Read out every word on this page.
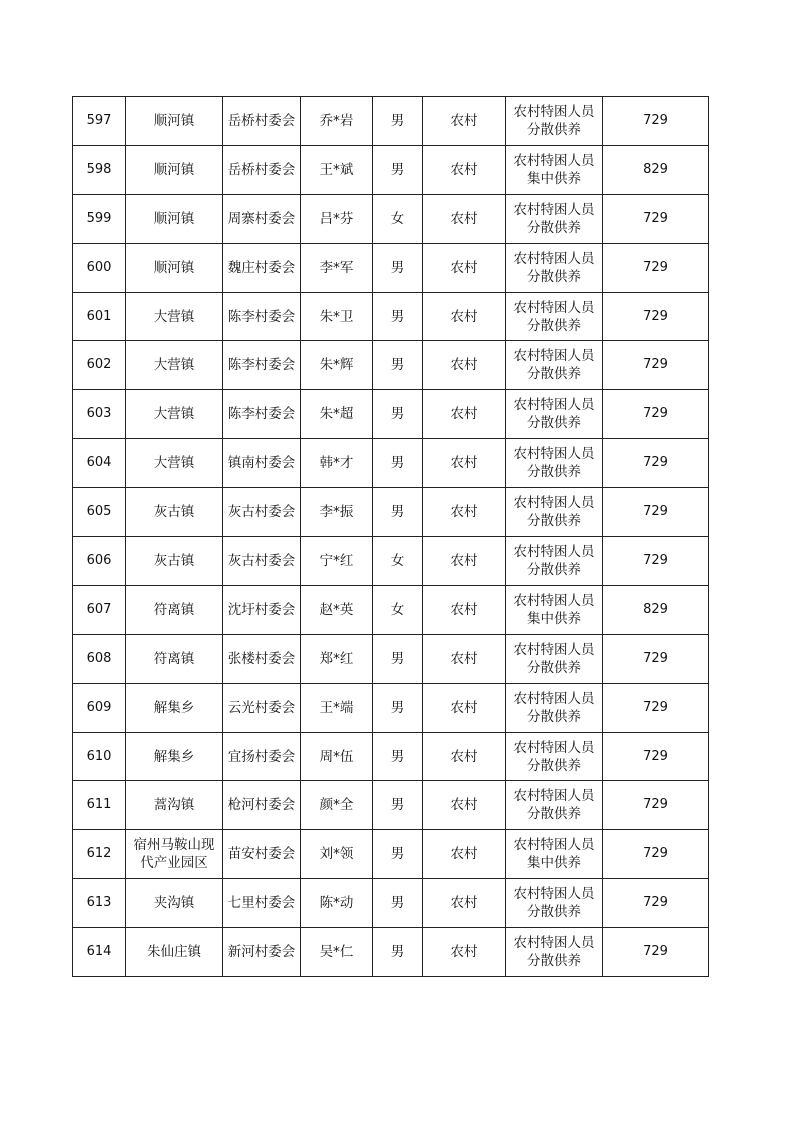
597	顺河镇	岳桥村委会	乔*岩	男	农村	农村特困人员分散供养	729
598	顺河镇	岳桥村委会	王*斌	男	农村	农村特困人员集中供养	829
599	顺河镇	周寨村委会	吕*芬	女	农村	农村特困人员分散供养	729
600	顺河镇	魏庄村委会	李*军	男	农村	农村特困人员分散供养	729
601	大营镇	陈李村委会	朱*卫	男	农村	农村特困人员分散供养	729
602	大营镇	陈李村委会	朱*辉	男	农村	农村特困人员分散供养	729
603	大营镇	陈李村委会	朱*超	男	农村	农村特困人员分散供养	729
604	大营镇	镇南村委会	韩*才	男	农村	农村特困人员分散供养	729
605	灰古镇	灰古村委会	李*振	男	农村	农村特困人员分散供养	729
606	灰古镇	灰古村委会	宁*红	女	农村	农村特困人员分散供养	729
607	符离镇	沈圩村委会	赵*英	女	农村	农村特困人员集中供养	829
608	符离镇	张楼村委会	郑*红	男	农村	农村特困人员分散供养	729
609	解集乡	云光村委会	王*端	男	农村	农村特困人员分散供养	729
610	解集乡	宜扬村委会	周*伍	男	农村	农村特困人员分散供养	729
611	蒿沟镇	枪河村委会	颜*全	男	农村	农村特困人员分散供养	729
612	宿州马鞍山现代产业园区	苗安村委会	刘*领	男	农村	农村特困人员集中供养	729
613	夹沟镇	七里村委会	陈*动	男	农村	农村特困人员分散供养	729
614	朱仙庄镇	新河村委会	吴*仁	男	农村	农村特困人员分散供养	729
